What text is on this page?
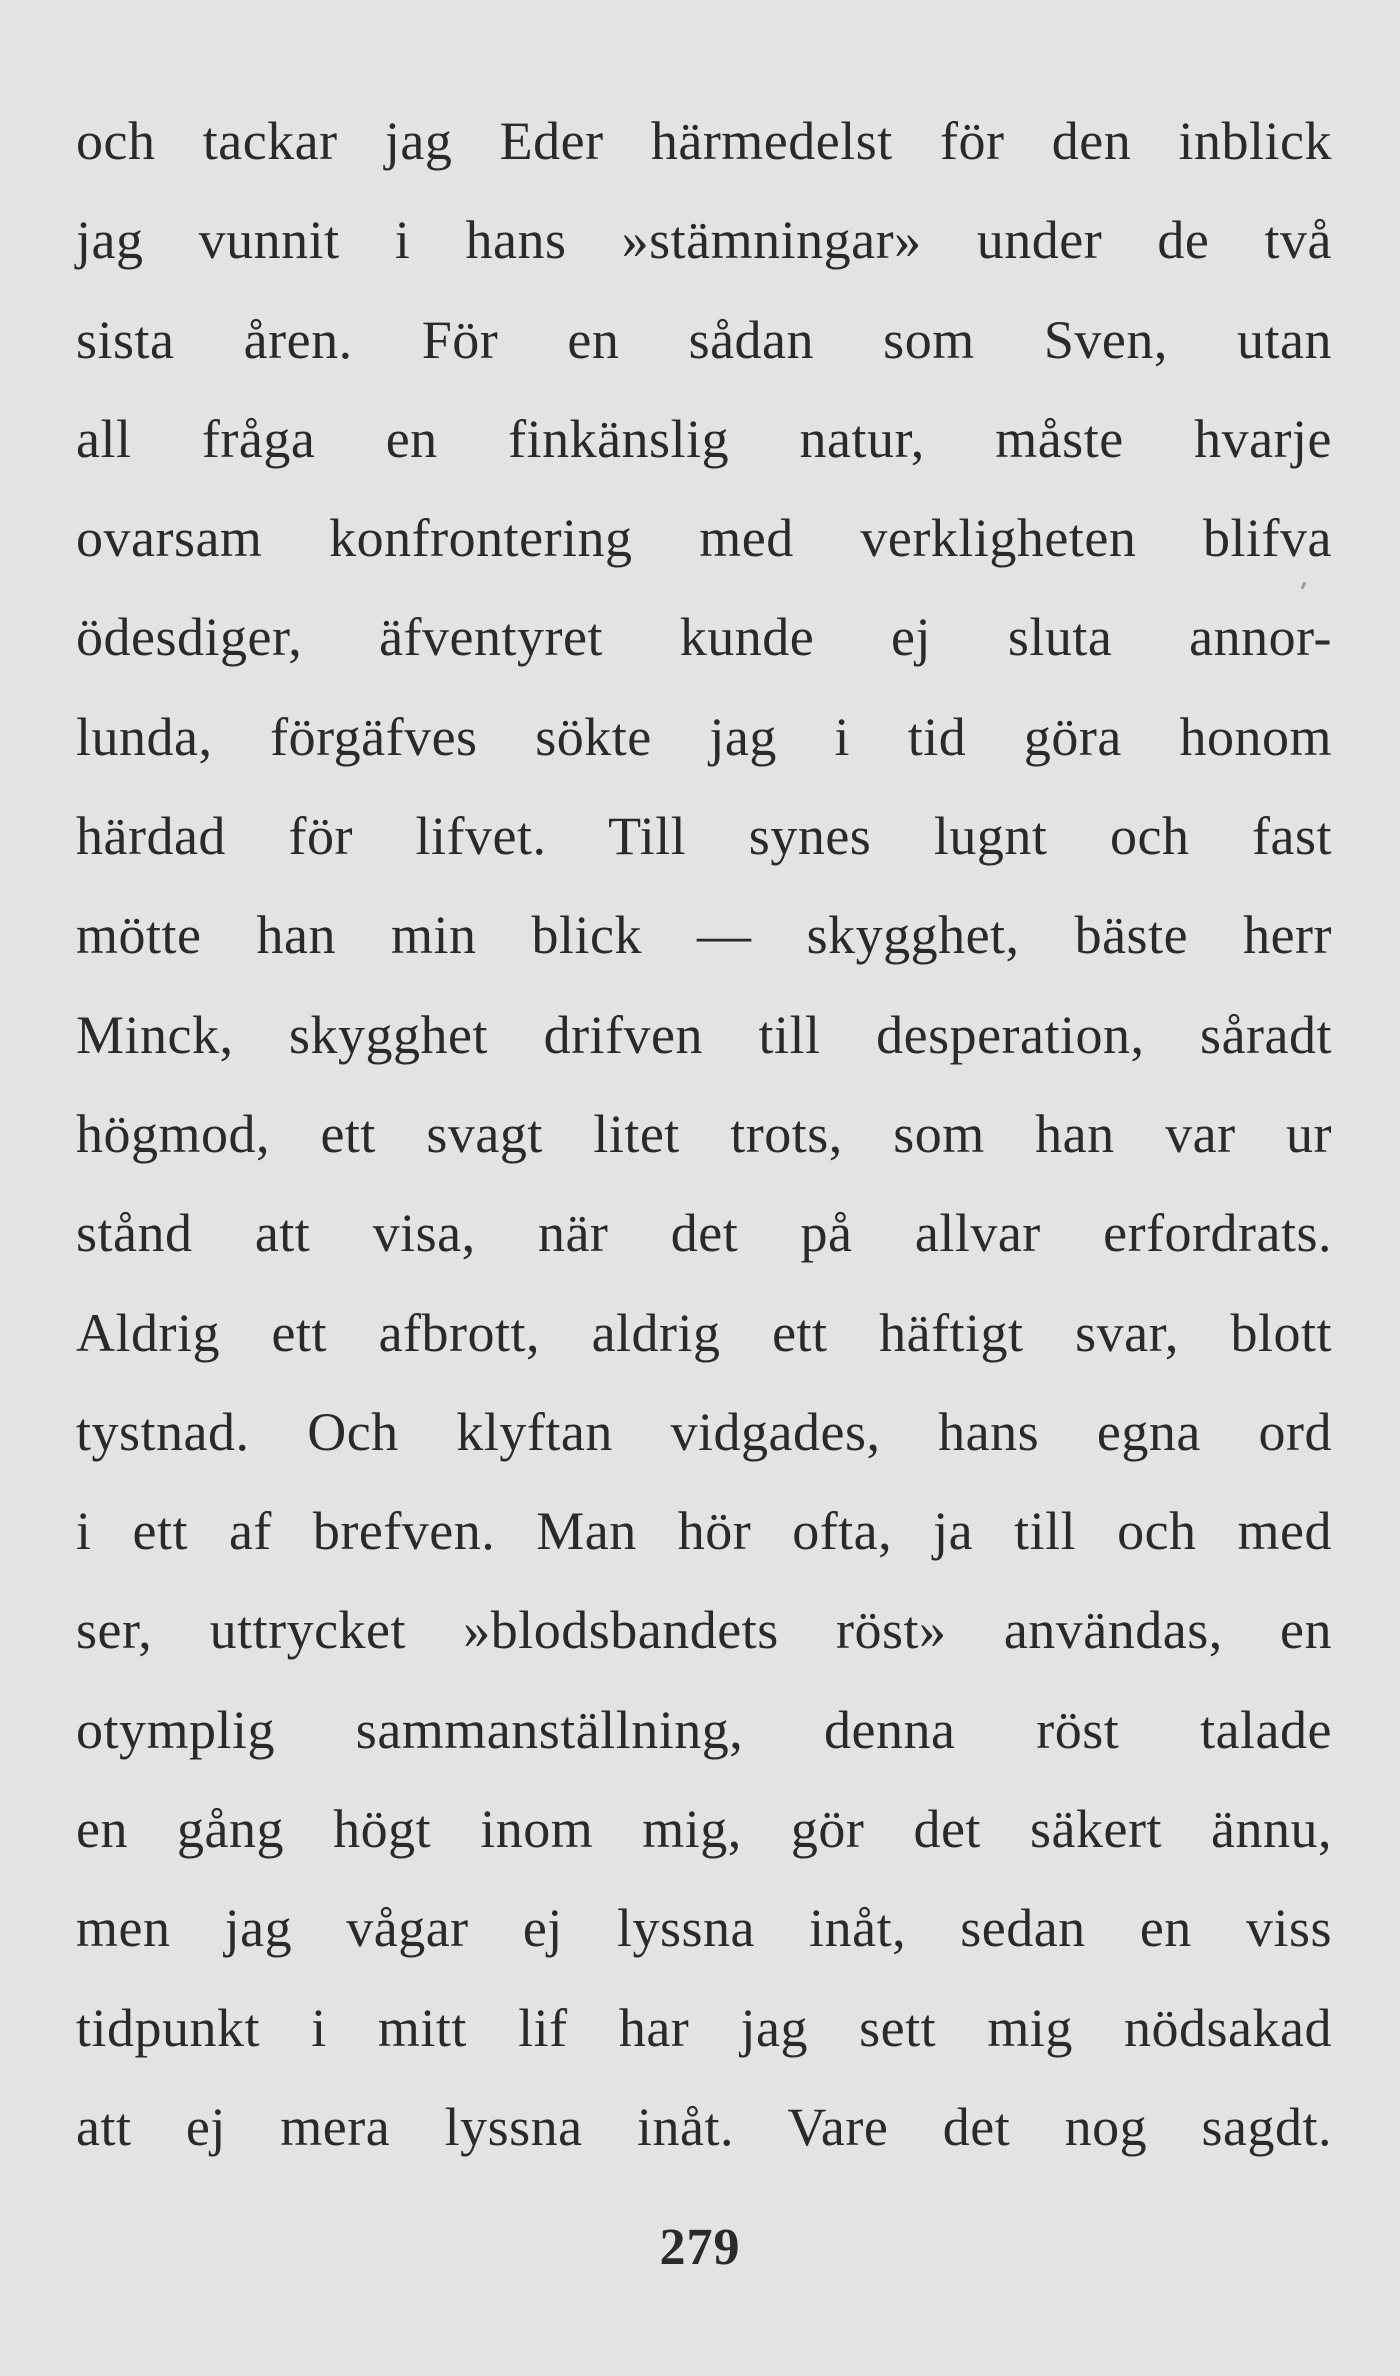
och tackar jag Eder härmedelst för den inblick
jag vunnit i hans »stämningar» under de två
sista åren. För en sådan som Sven, utan
all fråga en finkänslig natur, måste hvarje
ovarsam konfrontering med verkligheten blifva
ödesdiger, äfventyret kunde ej sluta annor-
lunda, förgäfves sökte jag i tid göra honom
härdad för lifvet. Till synes lugnt och fast
mötte han min blick — skygghet, bäste herr
Minck, skygghet drifven till desperation, såradt
högmod, ett svagt litet trots, som han var ur
stånd att visa, när det på allvar erfordrats.
Aldrig ett afbrott, aldrig ett häftigt svar, blott
tystnad. Och klyftan vidgades, hans egna ord
i ett af brefven. Man hör ofta, ja till och med
ser, uttrycket »blodsbandets röst» användas, en
otymplig sammanställning, denna röst talade
en gång högt inom mig, gör det säkert ännu,
men jag vågar ej lyssna inåt, sedan en viss
tidpunkt i mitt lif har jag sett mig nödsakad
att ej mera lyssna inåt. Vare det nog sagdt.
279
